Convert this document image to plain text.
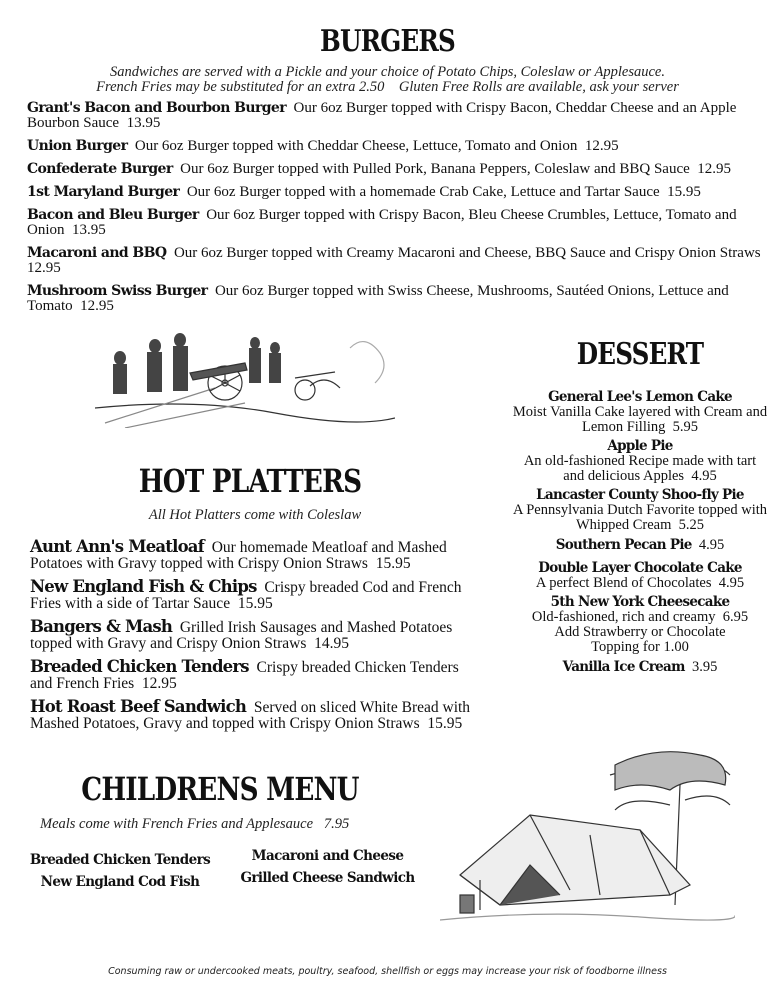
BURGERS
Sandwiches are served with a Pickle and your choice of Potato Chips, Coleslaw or Applesauce.
French Fries may be substituted for an extra 2.50    Gluten Free Rolls are available, ask your server
Grant's Bacon and Bourbon Burger Our 6oz Burger topped with Crispy Bacon, Cheddar Cheese and an Apple Bourbon Sauce 13.95
Union Burger Our 6oz Burger topped with Cheddar Cheese, Lettuce, Tomato and Onion 12.95
Confederate Burger Our 6oz Burger topped with Pulled Pork, Banana Peppers, Coleslaw and BBQ Sauce 12.95
1st Maryland Burger Our 6oz Burger topped with a homemade Crab Cake, Lettuce and Tartar Sauce 15.95
Bacon and Bleu Burger Our 6oz Burger topped with Crispy Bacon, Bleu Cheese Crumbles, Lettuce, Tomato and Onion 13.95
Macaroni and BBQ Our 6oz Burger topped with Creamy Macaroni and Cheese, BBQ Sauce and Crispy Onion Straws  12.95
Mushroom Swiss Burger Our 6oz Burger topped with Swiss Cheese, Mushrooms, Sautéed Onions, Lettuce and Tomato 12.95
HOT PLATTERS
All Hot Platters come with Coleslaw
Aunt Ann's Meatloaf Our homemade Meatloaf and Mashed Potatoes with Gravy topped with Crispy Onion Straws 15.95
New England Fish & Chips Crispy breaded Cod and French Fries with a side of Tartar Sauce 15.95
Bangers & Mash Grilled Irish Sausages and Mashed Potatoes topped with Gravy and Crispy Onion Straws 14.95
Breaded Chicken Tenders Crispy breaded Chicken Tenders and French Fries 12.95
Hot Roast Beef Sandwich Served on sliced White Bread with Mashed Potatoes, Gravy and topped with Crispy Onion Straws 15.95
DESSERT
General Lee's Lemon Cake
Moist Vanilla Cake layered with Cream and Lemon Filling 5.95
Apple Pie
An old-fashioned Recipe made with tart and delicious Apples 4.95
Lancaster County Shoo-fly Pie
A Pennsylvania Dutch Favorite topped with Whipped Cream 5.25
Southern Pecan Pie 4.95
Double Layer Chocolate Cake
A perfect Blend of Chocolates 4.95
5th New York Cheesecake
Old-fashioned, rich and creamy 6.95
Add Strawberry or Chocolate Topping for 1.00
Vanilla Ice Cream 3.95
CHILDRENS MENU
Meals come with French Fries and Applesauce 7.95
Breaded Chicken Tenders
New England Cod Fish
Macaroni and Cheese
Grilled Cheese Sandwich
Consuming raw or undercooked meats, poultry, seafood, shellfish or eggs may increase your risk of foodborne illness
